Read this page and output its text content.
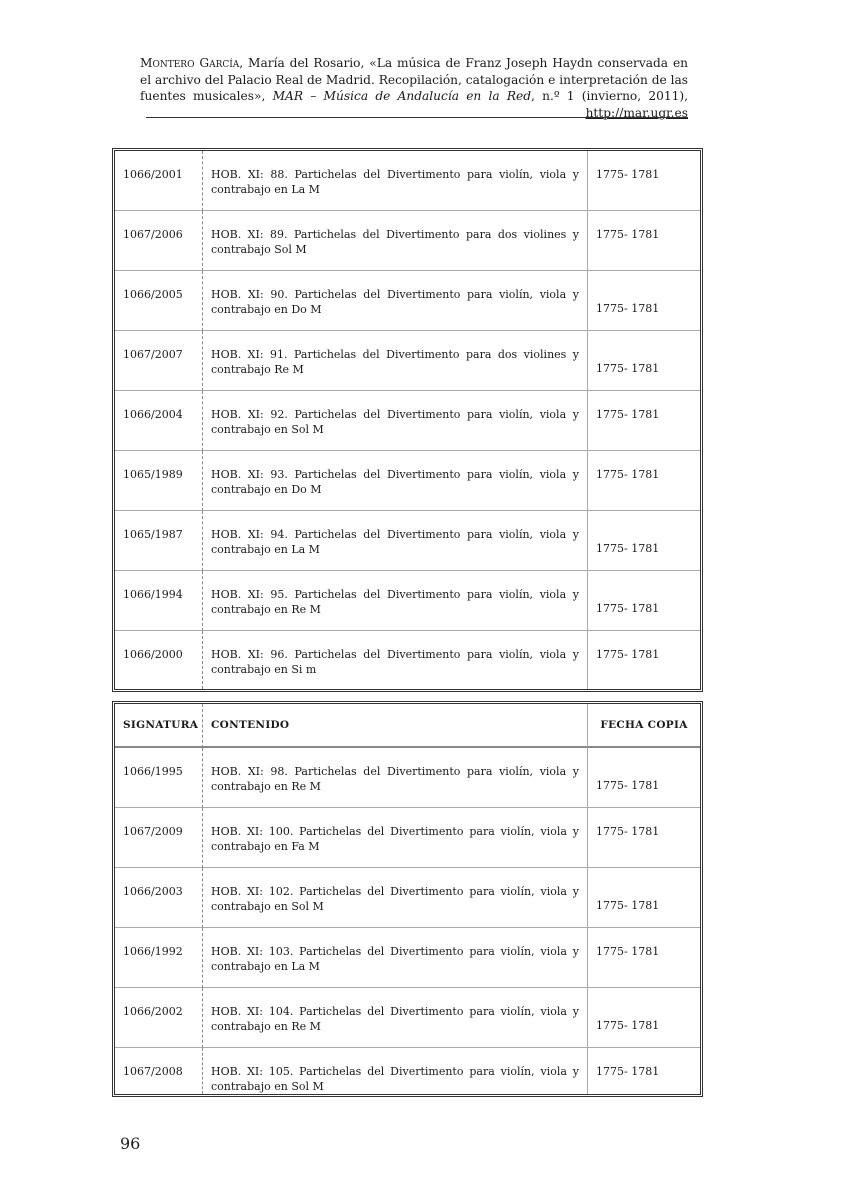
Montero García, María del Rosario, «La música de Franz Joseph Haydn conservada en el archivo del Palacio Real de Madrid. Recopilación, catalogación e interpretación de las fuentes musicales», MAR – Música de Andalucía en la Red, n.º 1 (invierno, 2011), http://mar.ugr.es
1066/2001	HOB. XI: 88. Partichelas del Divertimento para violín, viola y contrabajo en La M	1775- 1781
1067/2006	HOB. XI: 89. Partichelas del Divertimento para dos violines y contrabajo Sol M	1775- 1781
1066/2005	HOB. XI: 90. Partichelas del Divertimento para violín, viola y contrabajo en Do M	1775- 1781
1067/2007	HOB. XI: 91. Partichelas del Divertimento para dos violines y contrabajo Re M	1775- 1781
1066/2004	HOB. XI: 92. Partichelas del Divertimento para violín, viola y contrabajo en Sol M	1775- 1781
1065/1989	HOB. XI: 93. Partichelas del Divertimento para violín, viola y contrabajo en Do M	1775- 1781
1065/1987	HOB. XI: 94. Partichelas del Divertimento para violín, viola y contrabajo en La M	1775- 1781
1066/1994	HOB. XI: 95. Partichelas del Divertimento para violín, viola y contrabajo en Re M	1775- 1781
1066/2000	HOB. XI: 96. Partichelas del Divertimento para violín, viola y contrabajo en Si m	1775- 1781
SIGNATURA	CONTENIDO	FECHA COPIA
1066/1995	HOB. XI: 98. Partichelas del Divertimento para violín, viola y contrabajo en Re M	1775- 1781
1067/2009	HOB. XI: 100. Partichelas del Divertimento para violín, viola y contrabajo en Fa M	1775- 1781
1066/2003	HOB. XI: 102. Partichelas del Divertimento para violín, viola y contrabajo en Sol M	1775- 1781
1066/1992	HOB. XI: 103. Partichelas del Divertimento para violín, viola y contrabajo en La M	1775- 1781
1066/2002	HOB. XI: 104. Partichelas del Divertimento para violín, viola y contrabajo en Re M	1775- 1781
1067/2008	HOB. XI: 105. Partichelas del Divertimento para violín, viola y contrabajo en Sol M	1775- 1781
96
